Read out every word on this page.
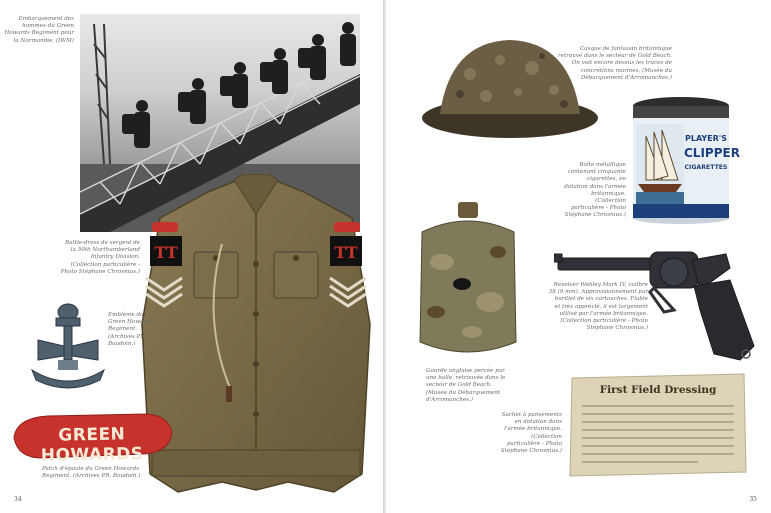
Embarquement des hommes du Green Howards Regiment pour la Normandie. (IWM)
Battle-dress de sergent de la 50th Northumberland Infantry Division. (Collection particulière - Photo Stéphane Chrosnius.)
TT	TT
Emblème du Green Howards Regiment. (Archives PR. Boudoin.)
GREEN HOWARDS
Patch d'épaule du Green Howards Regiment. (Archives PR. Boudoin.)
34
Casque de fantassin britannique retrouvé dans le secteur de Gold Beach. On voit encore dessus les traces de concrétions marines. (Musée du Débarquement d'Arromanches.)
PLAYER'S
CLIPPER
CIGARETTES
Boîte métallique contenant cinquante cigarettes, en dotation dans l'armée britannique. (Collection particulière - Photo Stéphane Chrosnius.)
Gourde anglaise percée par une balle, retrouvée dans le secteur de Gold Beach. (Musée du Débarquement d'Arromanches.)
Revolver Webley Mark IV, calibre 38 (9 mm). Approvisionnement par barillet de six cartouches. Fiable et très apprécié, il est largement utilisé par l'armée britannique. (Collection particulière - Photo Stéphane Chrosnius.)
First Field Dressing
Sachet à pansements en dotation dans l'armée britannique. (Collection particulière - Photo Stéphane Chrosnius.)
35
